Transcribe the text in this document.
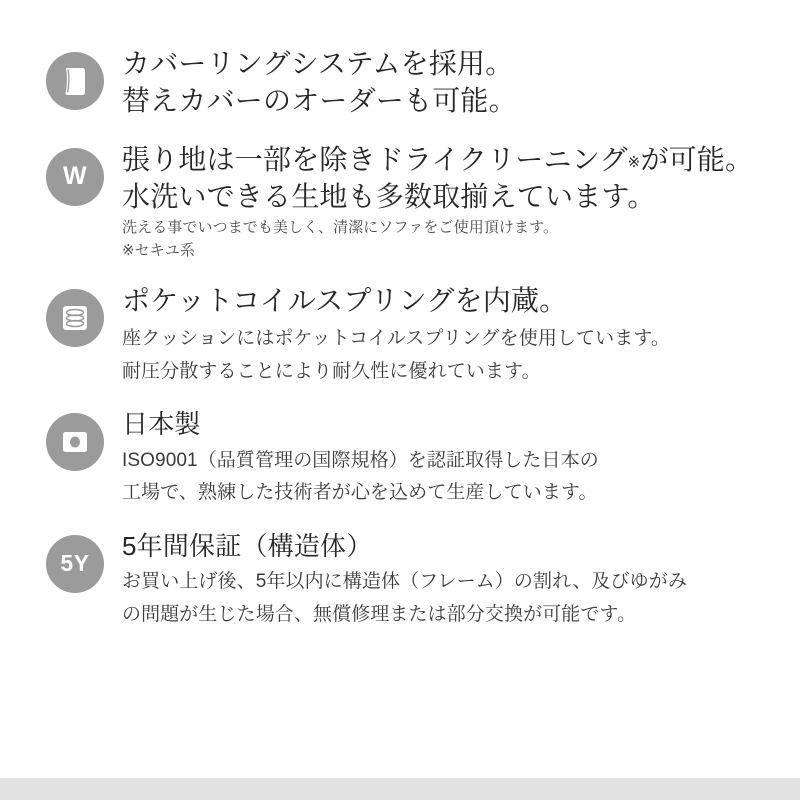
カバーリングシステムを採用。
替えカバーのオーダーも可能。
W
張り地は一部を除きドライクリーニング※が可能。
水洗いできる生地も多数取揃えています。
洗える事でいつまでも美しく、清潔にソファをご使用頂けます。
※セキユ系
ポケットコイルスプリングを内蔵。
座クッションにはポケットコイルスプリングを使用しています。
耐圧分散することにより耐久性に優れています。
日本製
ISO9001（品質管理の国際規格）を認証取得した日本の
工場で、熟練した技術者が心を込めて生産しています。
5Y
5年間保証（構造体）
お買い上げ後、5年以内に構造体（フレーム）の割れ、及びゆがみ
の問題が生じた場合、無償修理または部分交換が可能です。
